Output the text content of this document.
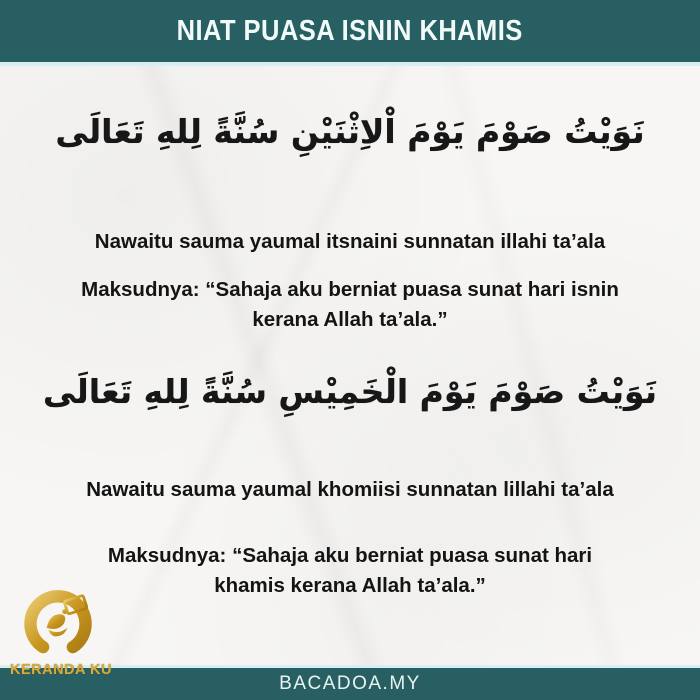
NIAT PUASA ISNIN KHAMIS
نَوَيْتُ صَوْمَ يَوْمَ اْلاِثْنَيْنِ سُنَّةً لِلهِ تَعَالَى

Nawaitu sauma yaumal itsnaini sunnatan illahi ta’ala

Maksudnya: “Sahaja aku berniat puasa sunat hari isnin kerana Allah ta’ala.”

نَوَيْتُ صَوْمَ يَوْمَ الْخَمِيْسِ سُنَّةً لِلهِ تَعَالَى

Nawaitu sauma yaumal khomiisi sunnatan lillahi ta’ala

Maksudnya: “Sahaja aku berniat puasa sunat hari khamis kerana Allah ta’ala.”

BACADOA.MY
KERANDA KU
